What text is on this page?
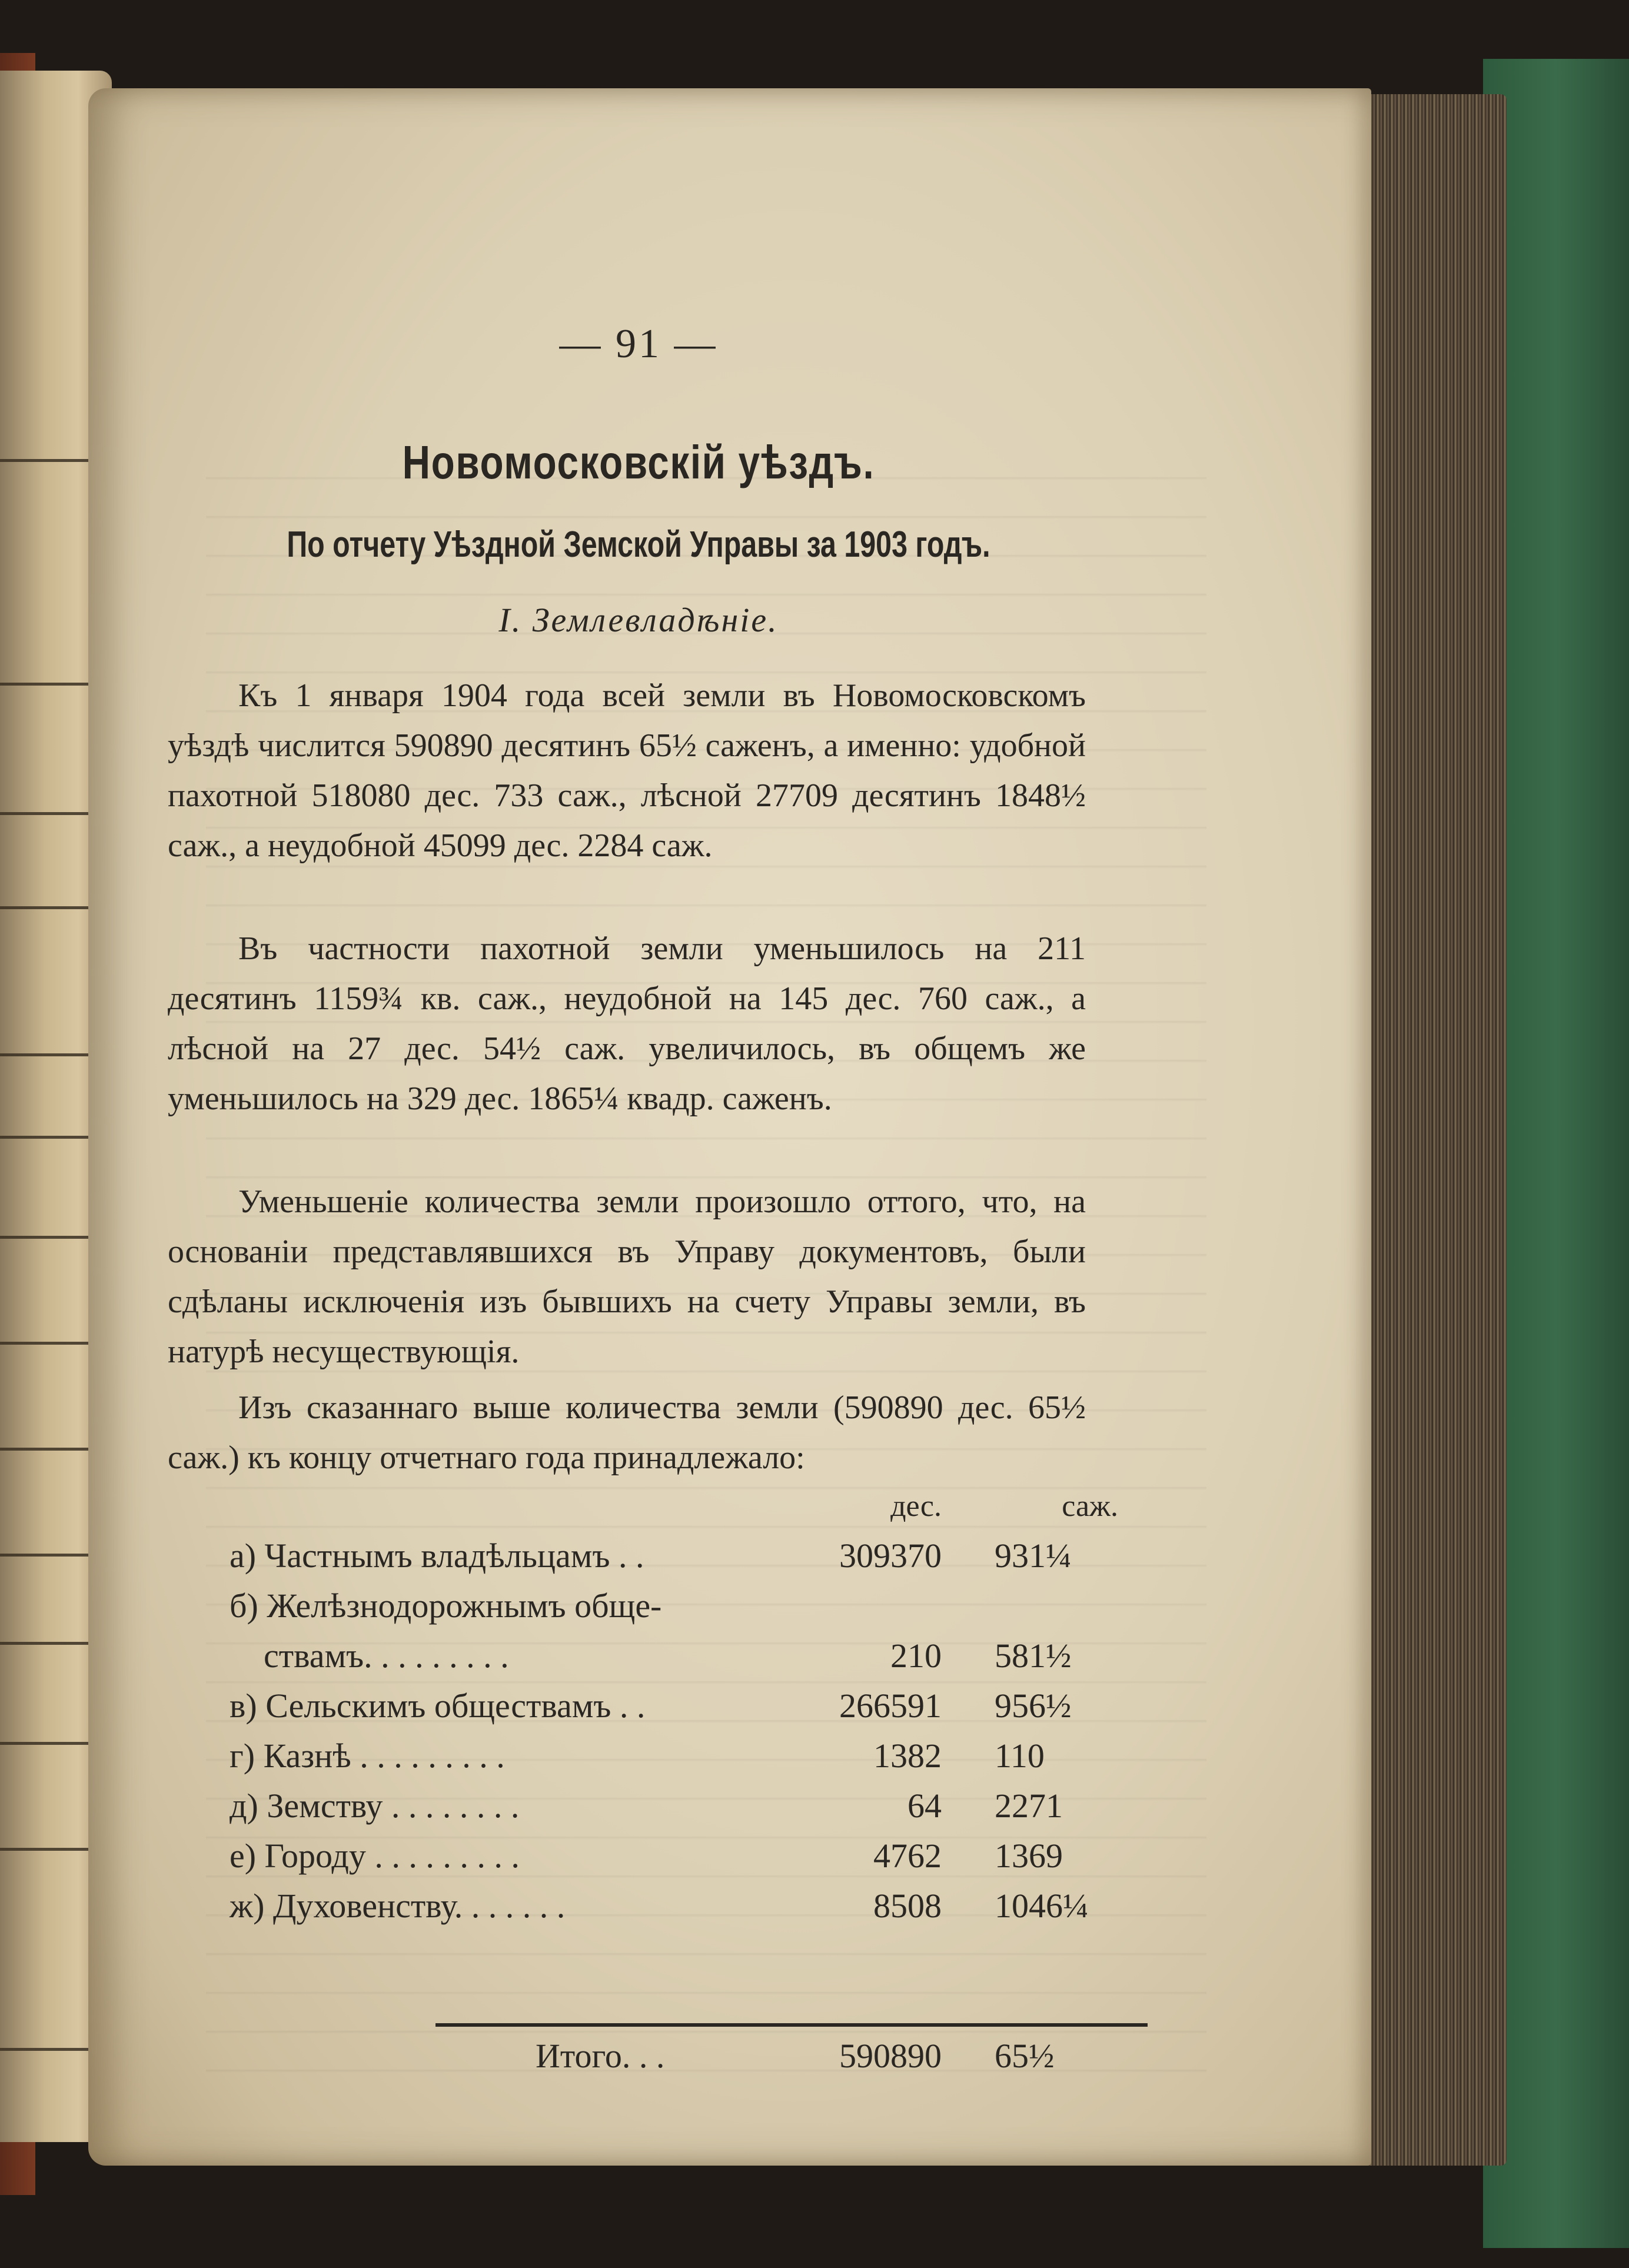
— 91 —
Новомосковскій уѣздъ.
По отчету Уѣздной Земской Управы за 1903 годъ.
I. Землевладѣніе.
Къ 1 января 1904 года всей земли въ Новомосковскомъ уѣздѣ числится 590890 десятинъ 65½ саженъ, а именно: удобной пахотной 518080 дес. 733 саж., лѣсной 27709 десятинъ 1848½ саж., а неудобной 45099 дес. 2284 саж.
Въ частности пахотной земли уменьшилось на 211 десятинъ 1159¾ кв. саж., неудобной на 145 дес. 760 саж., а лѣсной на 27 дес. 54½ саж. увеличилось, въ общемъ же уменьшилось на 329 дес. 1865¼ квадр. саженъ.
Уменьшеніе количества земли произошло оттого, что, на основаніи представлявшихся въ Управу документовъ, были сдѣланы исключенія изъ бывшихъ на счету Управы земли, въ натурѣ несуществующія.
Изъ сказаннаго выше количества земли (590890 дес. 65½ саж.) къ концу отчетнаго года принадлежало:
дес.	саж.
а) Частнымъ владѣльцамъ . .	309370 931¼
б) Желѣзнодорожнымъ обще-
ствамъ. . . . . . . . .	210 581½
в) Сельскимъ обществамъ . .	266591 956½
г) Казнѣ . . . . . . . . .	1382 110
д) Земству . . . . . . . .	64 2271
е) Городу . . . . . . . . .	4762 1369
ж) Духовенству. . . . . . .	8508 1046¼
Итого. . .	590890 65½
